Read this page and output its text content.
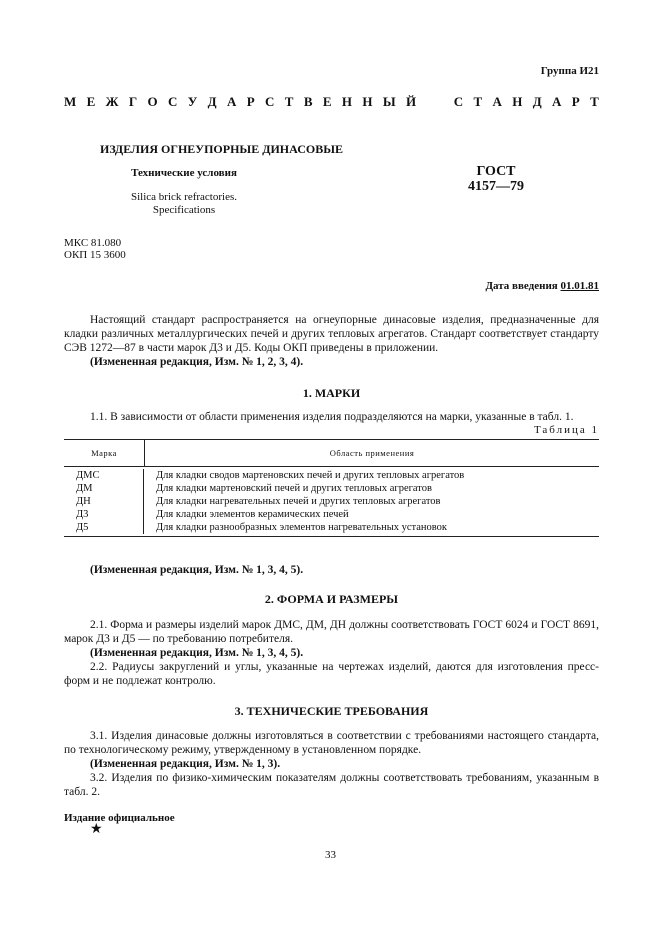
Группа И21
М Е Ж Г О С У Д А Р С Т В Е Н Н Ы Й

	С Т А Н Д А Р Т
ИЗДЕЛИЯ ОГНЕУПОРНЫЕ ДИНАСОВЫЕ
Технические условия
Silica brick refractories.
Specifications
ГОСТ
4157—79
МКС 81.080
ОКП 15 3600
Дата введения 01.01.81
Настоящий стандарт распространяется на огнеупорные динасовые изделия, предназначенные для кладки различных металлургических печей и других тепловых агрегатов. Стандарт соответствует стандарту СЭВ 1272—87 в части марок Д3 и Д5. Коды ОКП приведены в приложении.
(Измененная редакция, Изм. № 1, 2, 3, 4).
1. МАРКИ
1.1. В зависимости от области применения изделия подразделяются на марки, указанные в табл. 1.
Таблица 1
Марка	Область применения
ДМС	Для кладки сводов мартеновских печей и других тепловых агрегатов
ДМ	Для кладки мартеновский печей и других тепловых агрегатов
ДН	Для кладки нагревательных печей и других тепловых агрегатов
Д3	Для кладки элементов керамических печей
Д5	Для кладки разнообразных элементов нагревательных установок
(Измененная редакция, Изм. № 1, 3, 4, 5).
2. ФОРМА И РАЗМЕРЫ
2.1. Форма и размеры изделий марок ДМС, ДМ, ДН должны соответствовать ГОСТ 6024 и ГОСТ 8691, марок Д3 и Д5 — по требованию потребителя.
(Измененная редакция, Изм. № 1, 3, 4, 5).
2.2. Радиусы закруглений и углы, указанные на чертежах изделий, даются для изготовления пресс-форм и не подлежат контролю.
3. ТЕХНИЧЕСКИЕ ТРЕБОВАНИЯ
3.1. Изделия динасовые должны изготовляться в соответствии с требованиями настоящего стандарта, по технологическому режиму, утвержденному в установленном порядке.
(Измененная редакция, Изм. № 1, 3).
3.2. Изделия по физико-химическим показателям должны соответствовать требованиям, указанным в табл. 2.
Издание официальное
★
33
